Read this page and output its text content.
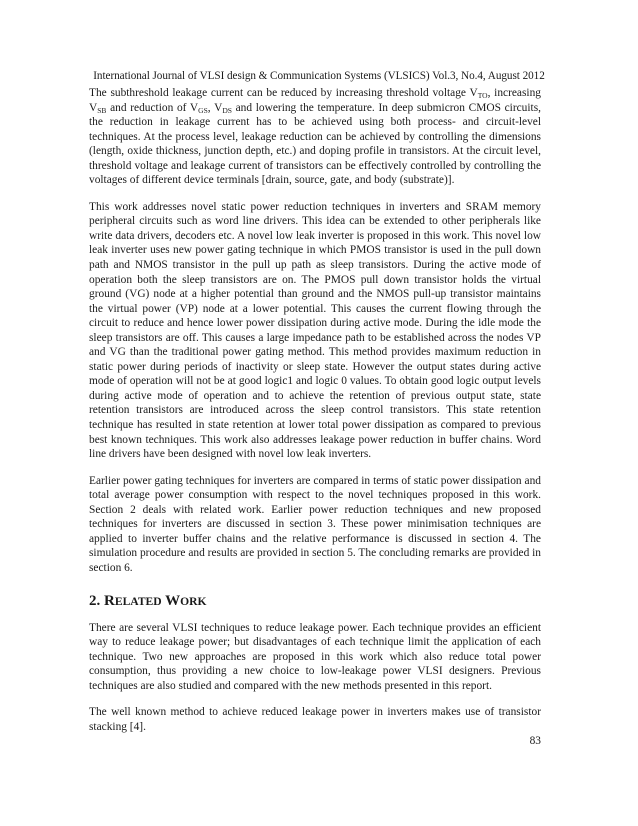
International Journal of VLSI design & Communication Systems (VLSICS) Vol.3, No.4, August 2012

The subthreshold leakage current can be reduced by increasing threshold voltage $V_{TO}$, increasing $V_{SB}$ and reduction of $V_{GS}$, $V_{DS}$ and lowering the temperature. In deep submicron CMOS circuits, the reduction in leakage current has to be achieved using both process- and circuit-level techniques. At the process level, leakage reduction can be achieved by controlling the dimensions (length, oxide thickness, junction depth, etc.) and doping profile in transistors. At the circuit level, threshold voltage and leakage current of transistors can be effectively controlled by controlling the voltages of different device terminals [drain, source, gate, and body (substrate)].

This work addresses novel static power reduction techniques in inverters and SRAM memory peripheral circuits such as word line drivers. This idea can be extended to other peripherals like write data drivers, decoders etc. A novel low leak inverter is proposed in this work. This novel low leak inverter uses new power gating technique in which PMOS transistor is used in the pull down path and NMOS transistor in the pull up path as sleep transistors. During the active mode of operation both the sleep transistors are on. The PMOS pull down transistor holds the virtual ground (VG) node at a higher potential than ground and the NMOS pull-up transistor maintains the virtual power (VP) node at a lower potential. This causes the current flowing through the circuit to reduce and hence lower power dissipation during active mode. During the idle mode the sleep transistors are off. This causes a large impedance path to be established across the nodes VP and VG than the traditional power gating method. This method provides maximum reduction in static power during periods of inactivity or sleep state. However the output states during active mode of operation will not be at good logic1 and logic 0 values. To obtain good logic output levels during active mode of operation and to achieve the retention of previous output state, state retention transistors are introduced across the sleep control transistors. This state retention technique has resulted in state retention at lower total power dissipation as compared to previous best known techniques. This work also addresses leakage power reduction in buffer chains. Word line drivers have been designed with novel low leak inverters.

Earlier power gating techniques for inverters are compared in terms of static power dissipation and total average power consumption with respect to the novel techniques proposed in this work. Section 2 deals with related work. Earlier power reduction techniques and new proposed techniques for inverters are discussed in section 3. These power minimisation techniques are applied to inverter buffer chains and the relative performance is discussed in section 4. The simulation procedure and results are provided in section 5. The concluding remarks are provided in section 6.

2. RELATED WORK

There are several VLSI techniques to reduce leakage power. Each technique provides an efficient way to reduce leakage power; but disadvantages of each technique limit the application of each technique. Two new approaches are proposed in this work which also reduce total power consumption, thus providing a new choice to low-leakage power VLSI designers. Previous techniques are also studied and compared with the new methods presented in this report.

The well known method to achieve reduced leakage power in inverters makes use of transistor stacking [4].

83
